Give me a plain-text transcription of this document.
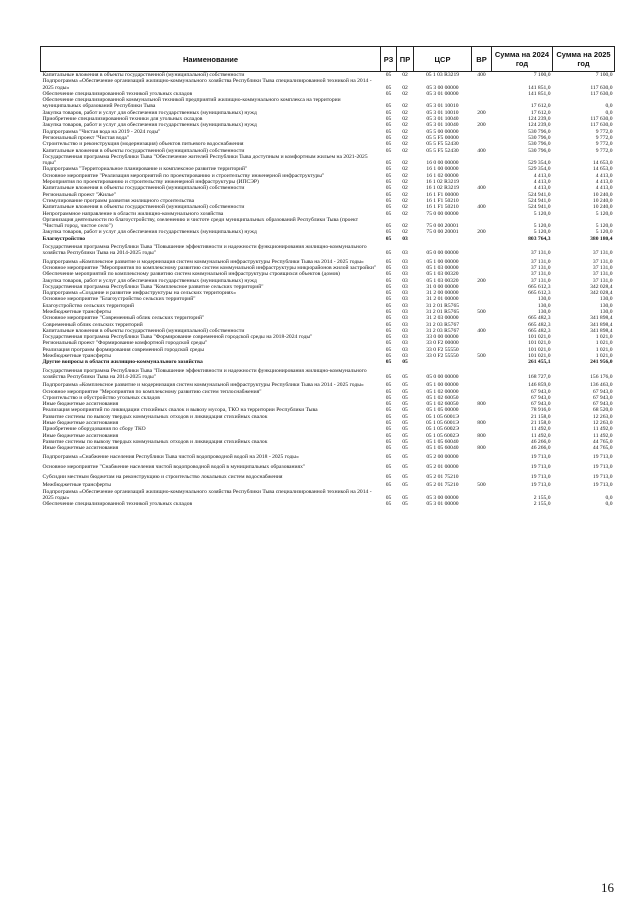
Наименование	РЗ	ПР	ЦСР	ВР	Сумма на 2024 год	Сумма на 2025 год
Капитальные вложения в объекты государственной (муниципальной) собственности	05	02	05 1 03 R3219	400	7 100,0	7 100,0
Подпрограмма «Обеспечение организаций жилищно-коммунального хозяйства Республики Тыва специализированной техникой на 2014 - 2025 годы»	05	02	05 3 00 00000		141 851,0	117 630,0
Обеспечение специализированной техникой угольных складов	05	02	05 3 01 00000		141 851,0	117 630,0
Обеспечение специализированной коммунальной техникой предприятий жилищно-коммунального комплекса на территории муниципальных образований Республики Тыва	05	02	05 3 01 10010		17 612,0	0,0
Закупка товаров, работ и услуг для обеспечения государственных (муниципальных) нужд	05	02	05 3 01 10010	200	17 612,0	0,0
Приобретение специализированной техники для угольных складов	05	02	05 3 01 10040		124 239,0	117 630,0
Закупка товаров, работ и услуг для обеспечения государственных (муниципальных) нужд	05	02	05 3 01 10040	200	124 239,0	117 630,0
Подпрограмма "Чистая вода на 2019 - 2024 годы"	05	02	05 5 00 00000		530 796,0	9 772,0
Региональный проект "Чистая вода"	05	02	05 5 F5 00000		530 796,0	9 772,0
Строительство и реконструкция (модернизация) объектов питьевого водоснабжения	05	02	05 5 F5 52430		530 796,0	9 772,0
Капитальные вложения в объекты государственной (муниципальной) собственности	05	02	05 5 F5 52430	400	530 796,0	9 772,0
Государственная программа Республики Тыва "Обеспечение жителей Республики Тыва доступным и комфортным жильем на 2021-2025 годы"	05	02	16 0 00 00000		529 354,0	14 653,0
Подпрограмма "Территориальное планирование и комплексное развитие территорий"	05	02	16 1 00 00000		529 354,0	14 653,0
Основное мероприятие "Реализация мероприятий по проектированию и строительству инженерной инфраструктуры"	05	02	16 1 02 00000		4 413,0	4 413,0
Мероприятия по проектированию и строительству инженерной инфраструктуры (ИПСЭР)	05	02	16 1 02 R3219		4 413,0	4 413,0
Капитальные вложения в объекты государственной (муниципальной) собственности	05	02	16 1 02 R3219	400	4 413,0	4 413,0
Региональный проект "Жилье"	05	02	16 1 F1 00000		524 941,0	10 240,0
Стимулирование программ развития жилищного строительства	05	02	16 1 F1 50210		524 941,0	10 240,0
Капитальные вложения в объекты государственной (муниципальной) собственности	05	02	16 1 F1 50210	400	524 941,0	10 240,0
Непрограммное направление в области жилищно-коммунального хозяйства	05	02	75 0 00 00000		5 120,0	5 120,0
Организация деятельности по благоустройству, озеленению и чистоте среди муниципальных образований Республики Тыва (проект "Чистый город, чистое село")	05	02	75 0 00 20001		5 120,0	5 120,0
Закупка товаров, работ и услуг для обеспечения государственных (муниципальных) нужд	05	02	75 0 00 20001	200	5 120,0	5 120,0
Благоустройство	05	03			803 764,3	380 180,4
Государственная программа Республики Тыва "Повышение эффективности и надежности функционирования жилищно-коммунального хозяйства Республики Тыва на 2014-2025 годы"	05	03	05 0 00 00000		37 131,0	37 131,0
Подпрограмма «Комплексное развитие и модернизация систем коммунальной инфраструктуры Республики Тыва на 2014 - 2025 годы»	05	03	05 1 00 00000		37 131,0	37 131,0
Основное мероприятие "Мероприятия по комплексному развитию систем коммунальной инфраструктуры микрорайонов жилой застройки"	05	03	05 1 03 00000		37 131,0	37 131,0
Обеспечение мероприятий по комплексному развитию систем коммунальной инфраструктуры строящихся объектов (домов)	05	03	05 1 03 00320		37 131,0	37 131,0
Закупка товаров, работ и услуг для обеспечения государственных (муниципальных) нужд	05	03	05 1 03 00320	200	37 131,0	37 131,0
Государственная программа Республики Тыва "Комплексное развитие сельских территорий"	05	03	31 0 00 00000		665 612,3	342 028,4
Подпрограмма «Создание и развитие инфраструктуры на сельских территориях»	05	03	31 2 00 00000		665 612,3	342 028,4
Основное мероприятие "Благоустройство сельских территорий"	05	03	31 2 01 00000		130,0	130,0
Благоустройство сельских территорий	05	03	31 2 01 R5765		130,0	130,0
Межбюджетные трансферты	05	03	31 2 01 R5765	500	130,0	130,0
Основное мероприятие "Современный облик сельских территорий"	05	03	31 2 03 00000		665 482,3	341 898,4
Современный облик сельских территорий	05	03	31 2 03 R5767		665 482,3	341 898,4
Капитальные вложения в объекты государственной (муниципальной) собственности	05	03	31 2 03 R5767	400	665 482,3	341 898,4
Государственная программа Республики Тыва "Формирование современной городской среды на 2018-2024 годы"	05	03	33 0 00 00000		101 021,0	1 021,0
Региональный проект "Формирование комфортной городской среды"	05	03	33 0 F2 00000		101 021,0	1 021,0
Реализация программ формирования современной городской среды	05	03	33 0 F2 55550		101 021,0	1 021,0
Межбюджетные трансферты	05	03	33 0 F2 55550	500	101 021,0	1 021,0
Другие вопросы в области жилищно-коммунального хозяйства	05	05			261 455,1	241 956,0
Государственная программа Республики Тыва "Повышение эффективности и надежности функционирования жилищно-коммунального хозяйства Республики Тыва на 2014-2025 годы"	05	05	05 0 00 00000		168 727,0	156 176,0
Подпрограмма «Комплексное развитие и модернизация систем коммунальной инфраструктуры Республики Тыва на 2014 - 2025 годы»	05	05	05 1 00 00000		146 859,0	136 463,0
Основное мероприятие "Мероприятия по комплексному развитию систем теплоснабжения"	05	05	05 1 02 00000		67 943,0	67 943,0
Строительство и обустройство угольных складов	05	05	05 1 02 60050		67 943,0	67 943,0
Иные бюджетные ассигнования	05	05	05 1 02 60050	800	67 943,0	67 943,0
Реализация мероприятий по ликвидации стихийных свалок и вывозу мусора, ТКО на территории Республики Тыва	05	05	05 1 05 00000		78 916,0	68 520,0
Развитие системы по вывозу твердых коммунальных отходов и ликвидация стихийных свалок	05	05	05 1 05 6001Э		21 158,0	12 263,0
Иные бюджетные ассигнования	05	05	05 1 05 6001Э	800	21 158,0	12 263,0
Приобретение оборудования по сбору ТКО	05	05	05 1 05 6002Э		11 492,0	11 492,0
Иные бюджетные ассигнования	05	05	05 1 05 6002Э	800	11 492,0	11 492,0
Развитие системы по вывозу твердых коммунальных отходов и ликвидация стихийных свалок	05	05	05 1 05 60040		46 266,0	44 765,0
Иные бюджетные ассигнования	05	05	05 1 05 60040	800	46 266,0	44 765,0
Подпрограмма «Снабжение населения Республики Тыва чистой водопроводной водой на 2018 - 2025 годы»	05	05	05 2 00 00000		19 713,0	19 713,0
Основное мероприятие "Снабжение населения чистой водопроводной водой в муниципальных образованиях"	05	05	05 2 01 00000		19 713,0	19 713,0
Субсидии местным бюджетам на реконструкцию и строительство локальных систем водоснабжения	05	05	05 2 01 75210		19 713,0	19 713,0
Межбюджетные трансферты	05	05	05 2 01 75210	500	19 713,0	19 713,0
Подпрограмма «Обеспечение организаций жилищно-коммунального хозяйства Республики Тыва специализированной техникой на 2014 - 2025 годы»	05	05	05 3 00 00000		2 155,0	0,0
Обеспечение специализированной техникой угольных складов	05	05	05 3 01 00000		2 155,0	0,0
16
